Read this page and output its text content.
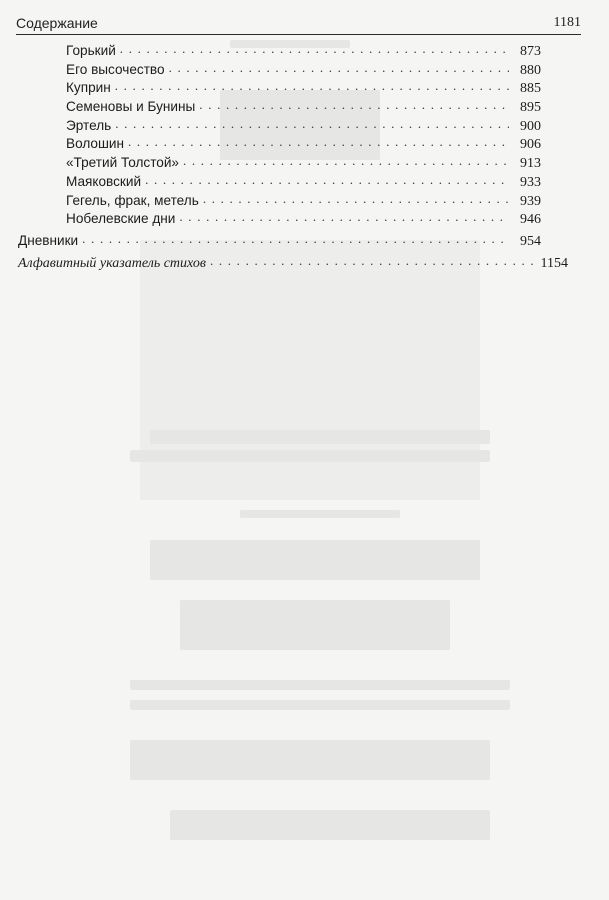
Содержание	1181
Горький . . .	873
Его высочество . . .	880
Куприн . . .	885
Семеновы и Бунины . . .	895
Эртель . . .	900
Волошин . . .	906
«Третий Толстой» . . .	913
Маяковский . . .	933
Гегель, фрак, метель . . .	939
Нобелевские дни . . .	946
Дневники . . .	954
Алфавитный указатель стихов . . .	1154
